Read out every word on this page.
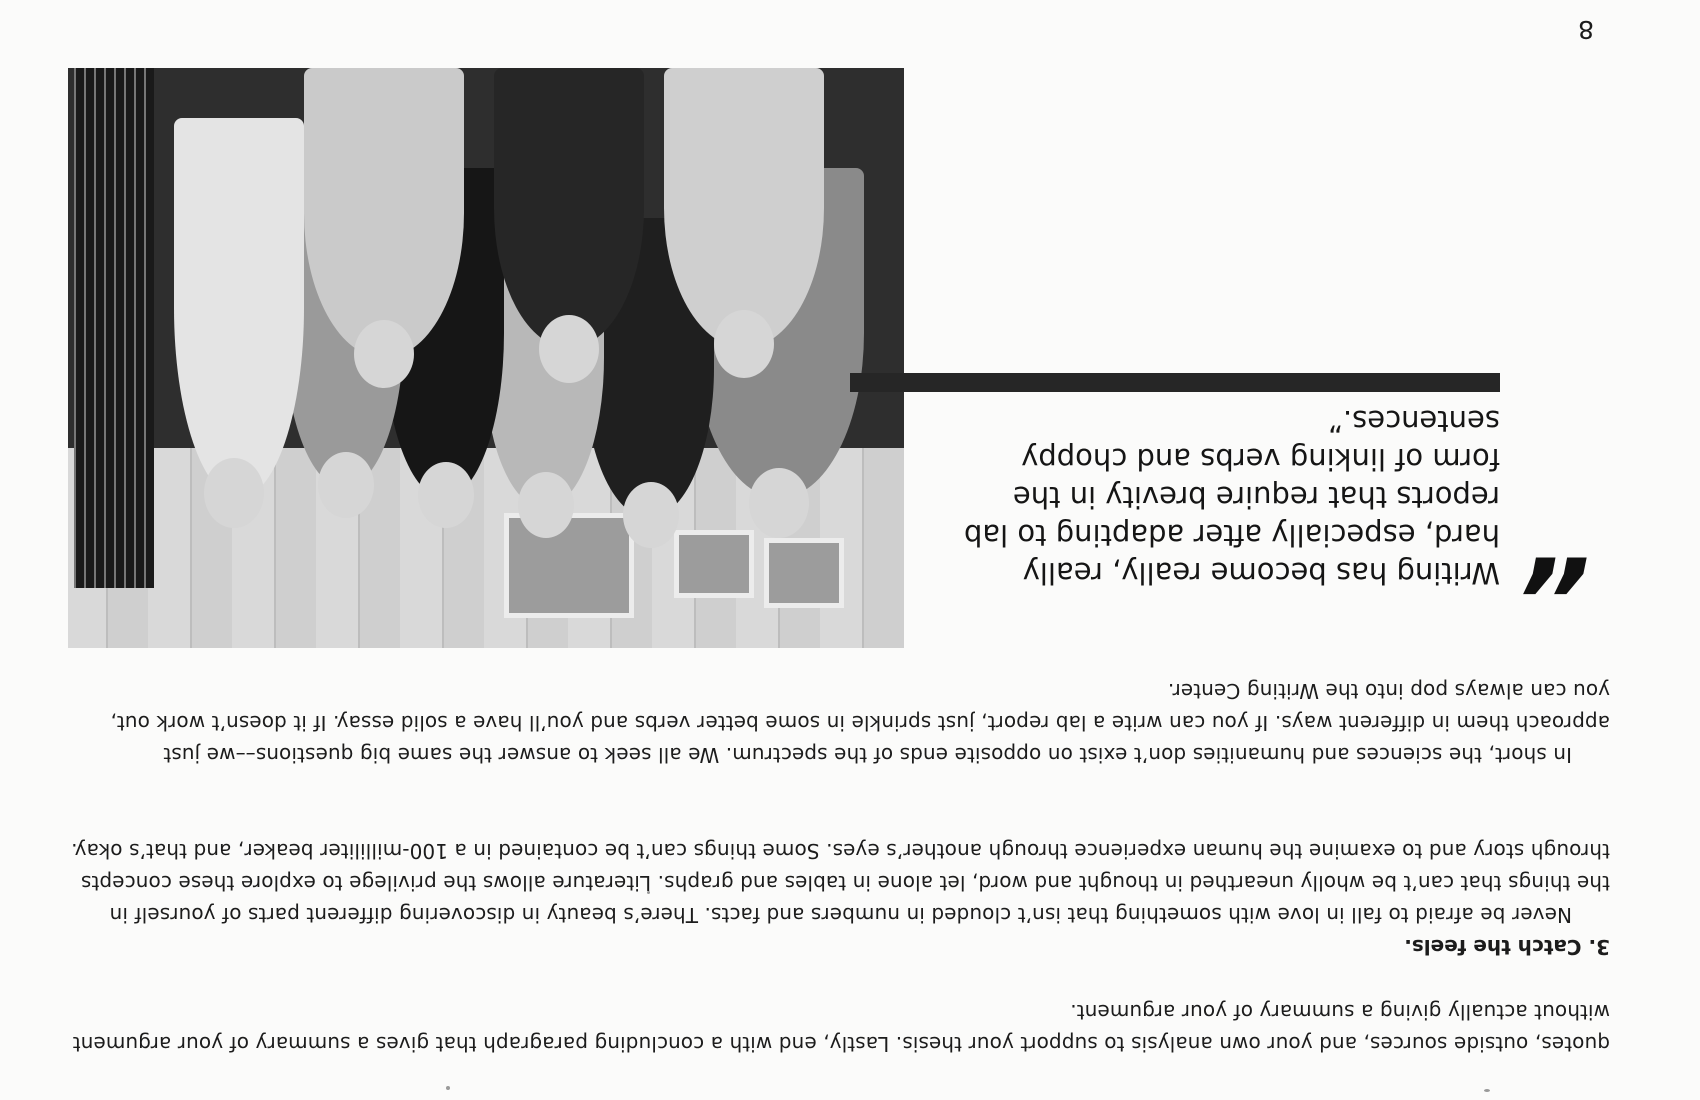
quotes, outside sources, and your own analysis to support your thesis. Lastly, end with a concluding paragraph that gives a summary of your argument without actually giving a summary of your argument.

3. Catch the feels.

Never be afraid to fall in love with something that isn’t clouded in numbers and facts. There’s beauty in discovering different parts of yourself in the things that can’t be wholly unearthed in thought and word, let alone in tables and graphs. Literature allows the privilege to explore these concepts through story and to examine the human experience through another’s eyes. Some things can’t be contained in a 100-milliliter beaker, and that’s okay.

In short, the sciences and humanities don’t exist on opposite ends of the spectrum. We all seek to answer the same big questions––we just approach them in different ways. If you can write a lab report, just sprinkle in some better verbs and you’ll have a solid essay. If it doesn’t work out, you can always pop into the Writing Center.

“

Writing has become really, really hard, especially after adapting to lab reports that require brevity in the form of linking verbs and choppy sentences.”

8
